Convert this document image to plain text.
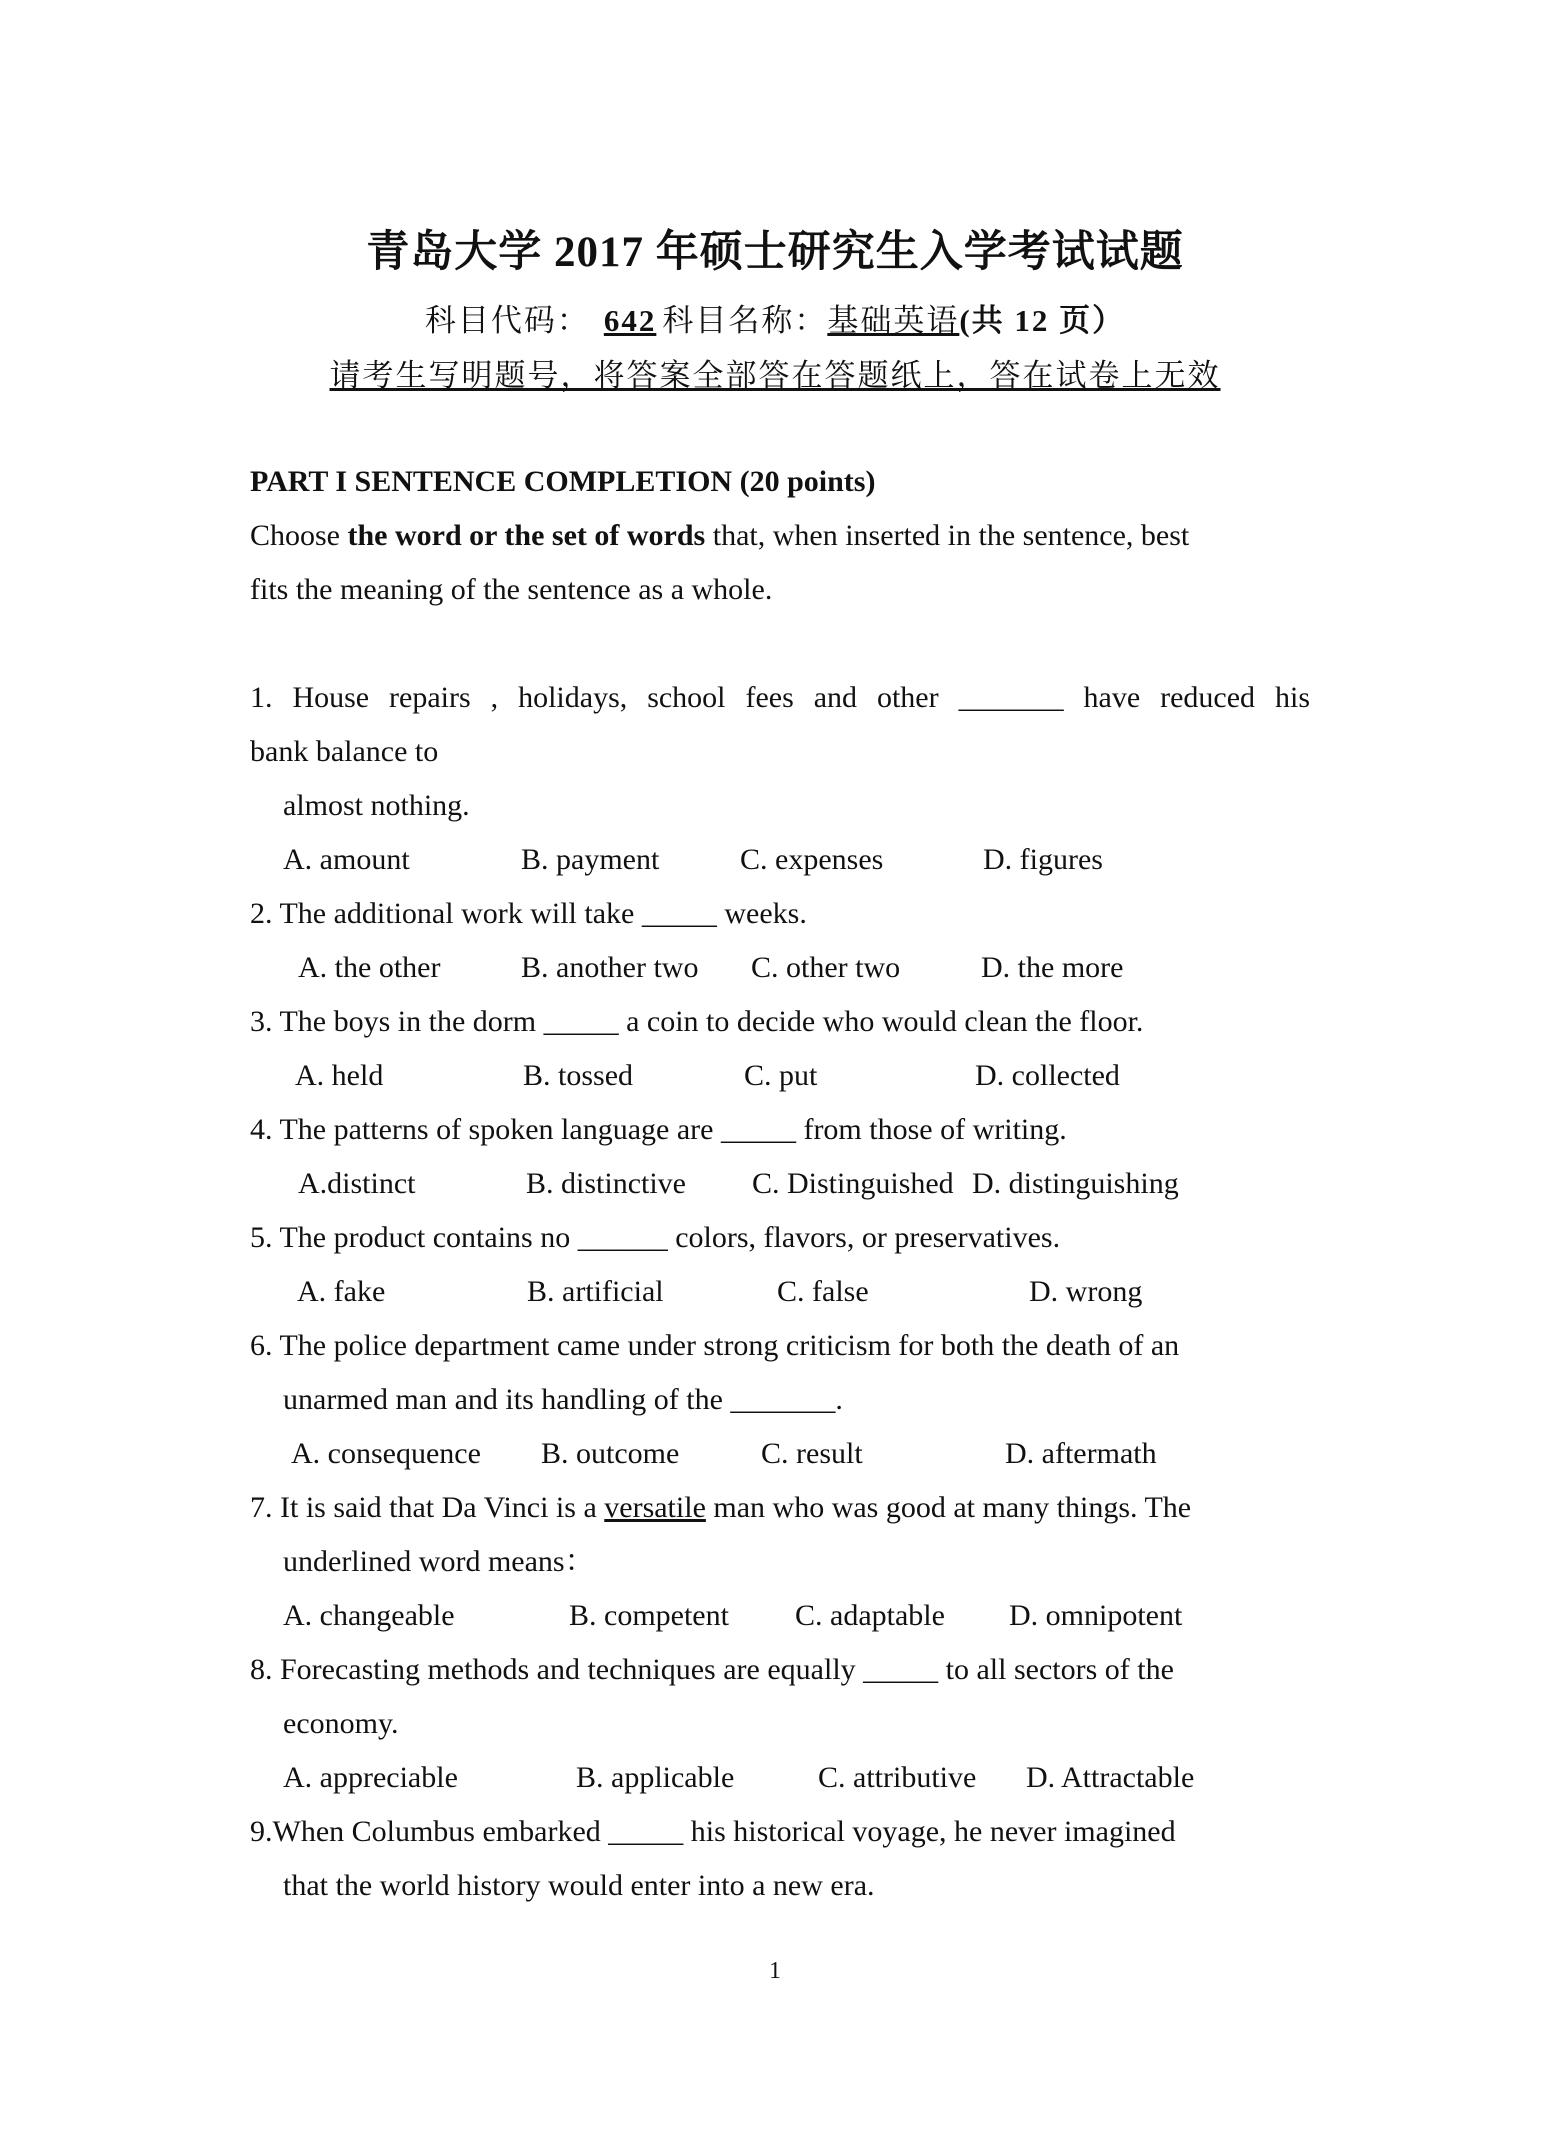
青岛大学 2017 年硕士研究生入学考试试题
科目代码： 642 科目名称：基础英语(共 12 页）
请考生写明题号，将答案全部答在答题纸上，答在试卷上无效
PART I SENTENCE COMPLETION (20 points)
Choose the word or the set of words that, when inserted in the sentence, best
fits the meaning of the sentence as a whole.
1. House repairs , holidays, school fees and other _______ have reduced his
bank balance to
almost nothing.
A. amount	B. payment	C. expenses	D. figures
2. The additional work will take _____ weeks.
A. the other	B. another two	C. other two	D. the more
3. The boys in the dorm _____ a coin to decide who would clean the floor.
A. held	B. tossed	C. put	D. collected
4. The patterns of spoken language are _____ from those of writing.
A.distinct	B. distinctive	C. Distinguished D. distinguishing
5. The product contains no ______ colors, flavors, or preservatives.
A. fake	B. artificial	C. false	D. wrong
6. The police department came under strong criticism for both the death of an
unarmed man and its handling of the _______.
A. consequence	B. outcome	C. result	D. aftermath
7. It is said that Da Vinci is a versatile man who was good at many things. The
underlined word means：
A. changeable	B. competent	C. adaptable	D. omnipotent
8. Forecasting methods and techniques are equally _____ to all sectors of the
economy.
A. appreciable	B. applicable	C. attributive	D. Attractable
9.When Columbus embarked _____ his historical voyage, he never imagined
that the world history would enter into a new era.
1
